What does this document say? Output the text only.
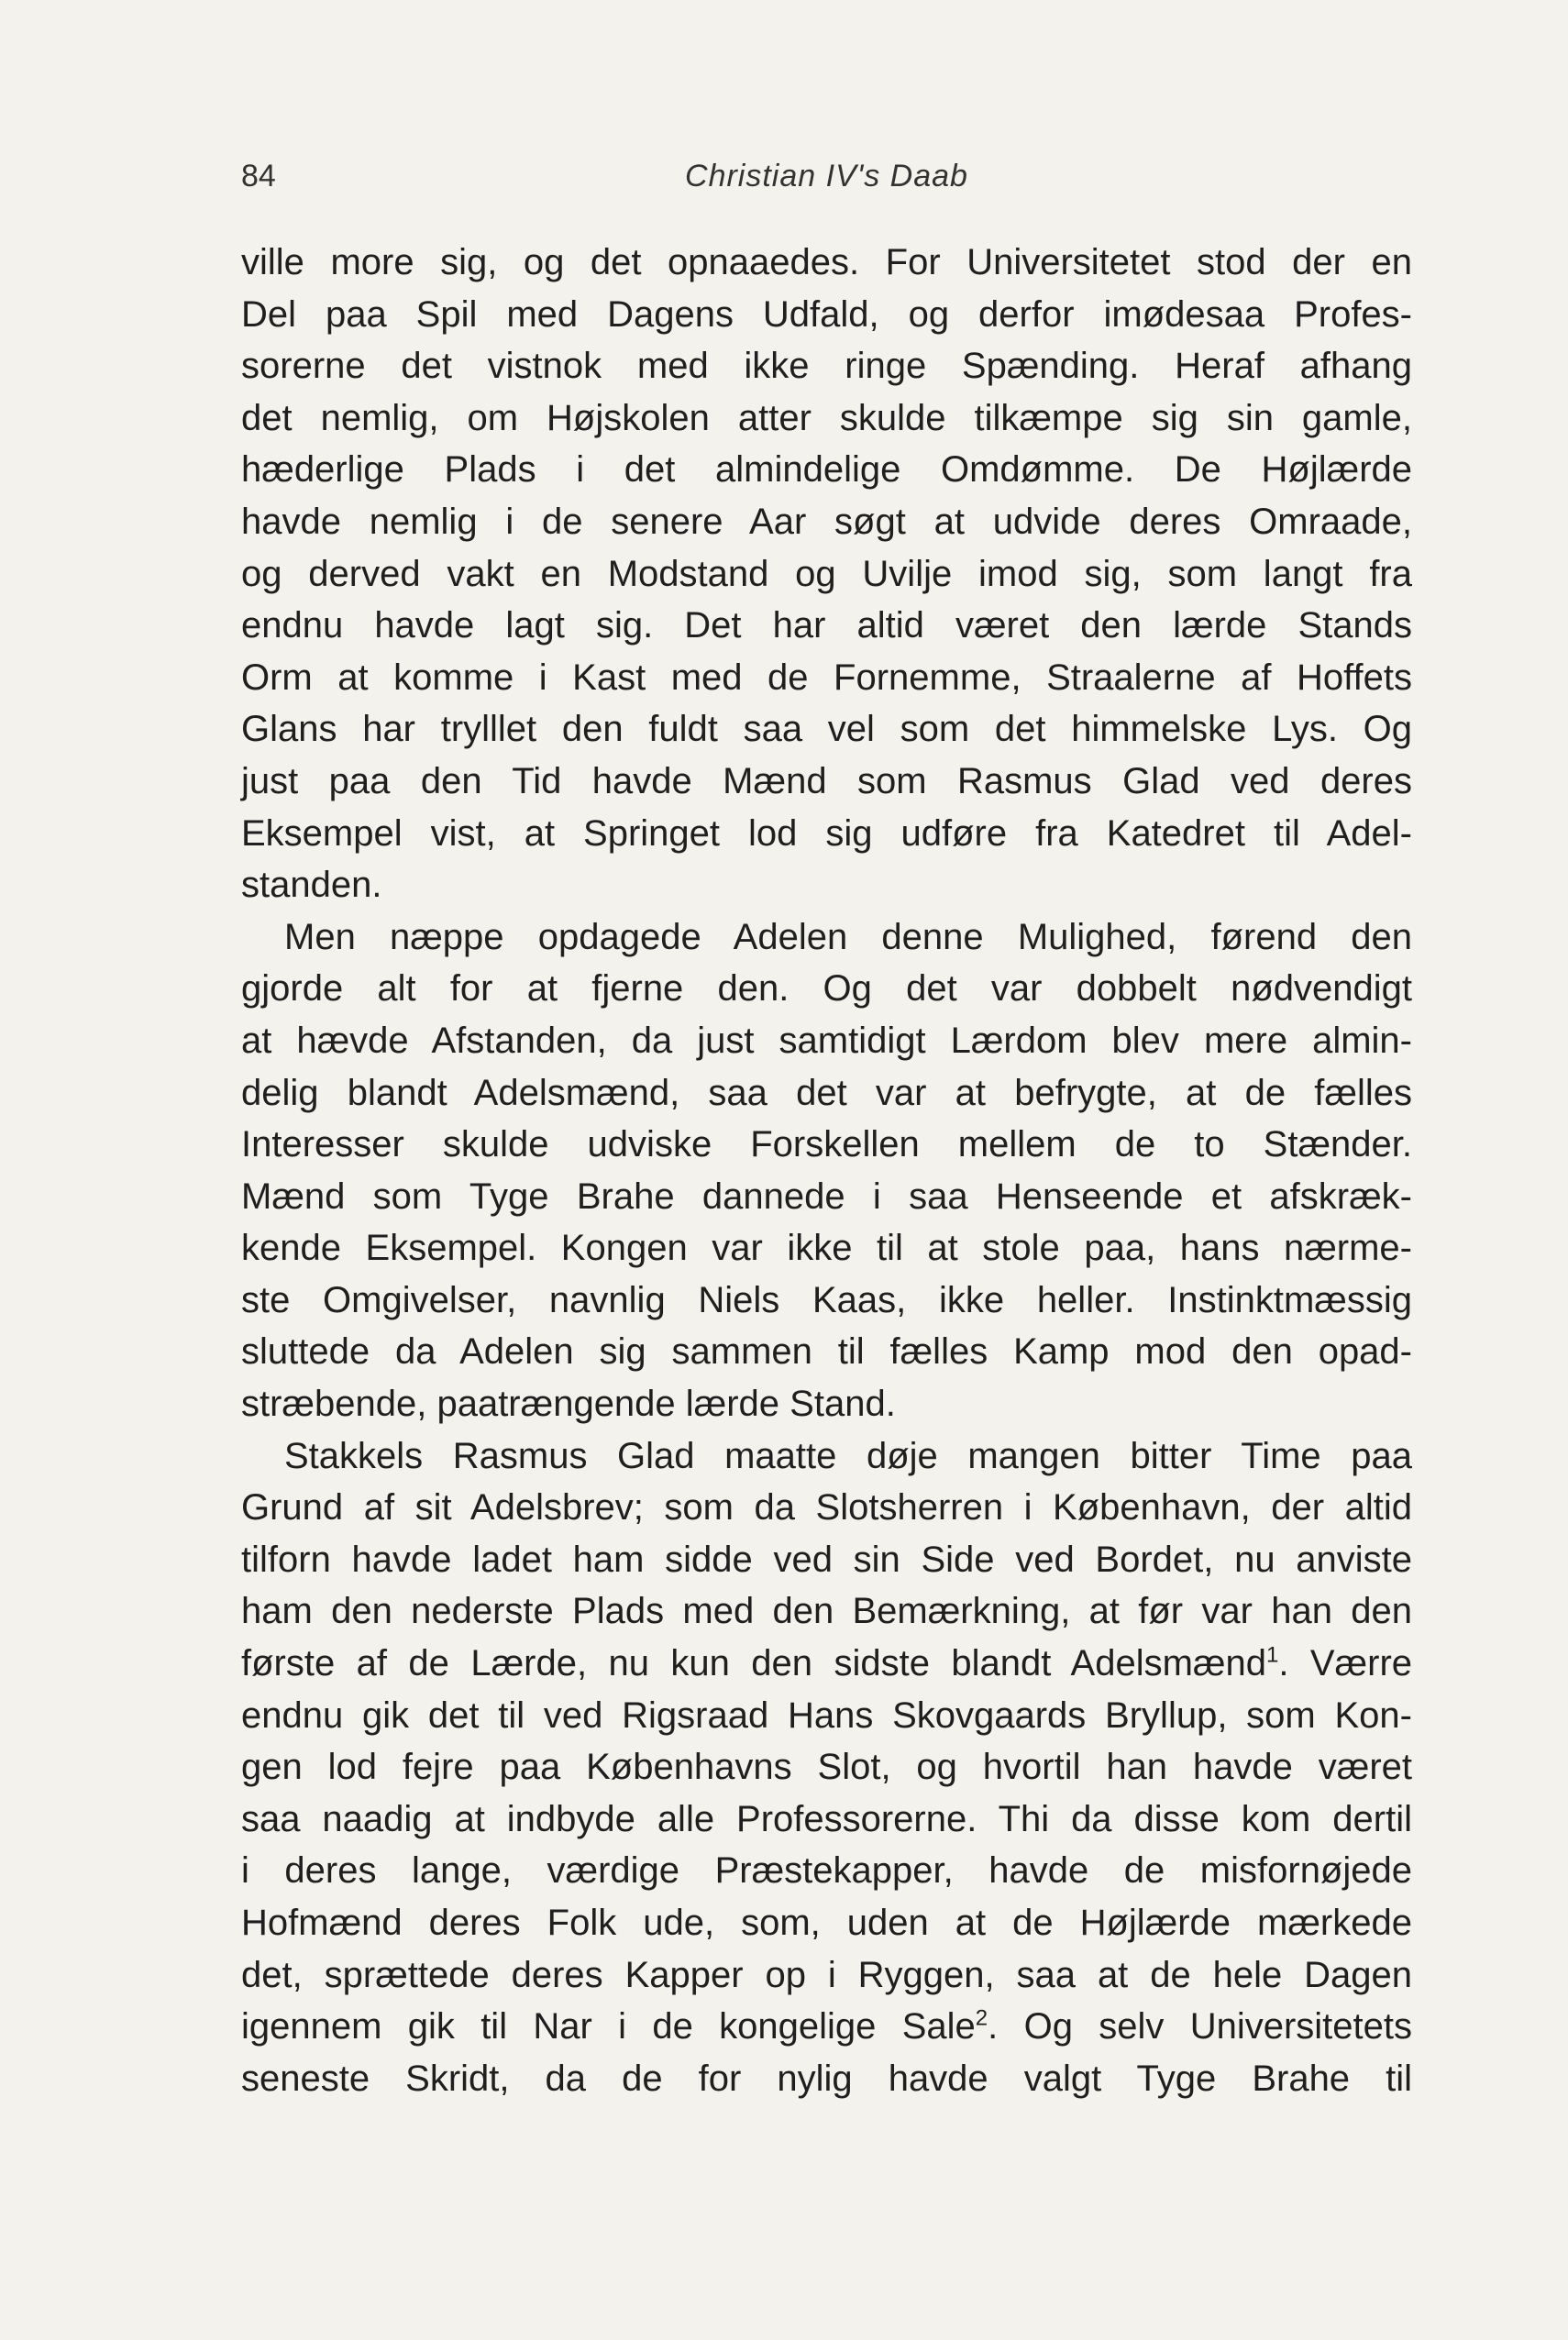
84	Christian IV's Daab
ville more sig, og det opnaaedes. For Universitetet stod der en
Del paa Spil med Dagens Udfald, og derfor imødesaa Profes-
sorerne det vistnok med ikke ringe Spænding. Heraf afhang
det nemlig, om Højskolen atter skulde tilkæmpe sig sin gamle,
hæderlige Plads i det almindelige Omdømme. De Højlærde
havde nemlig i de senere Aar søgt at udvide deres Omraade,
og derved vakt en Modstand og Uvilje imod sig, som langt fra
endnu havde lagt sig. Det har altid været den lærde Stands
Orm at komme i Kast med de Fornemme, Straalerne af Hoffets
Glans har trylllet den fuldt saa vel som det himmelske Lys. Og
just paa den Tid havde Mænd som Rasmus Glad ved deres
Eksempel vist, at Springet lod sig udføre fra Katedret til Adel-
standen.
Men næppe opdagede Adelen denne Mulighed, førend den
gjorde alt for at fjerne den. Og det var dobbelt nødvendigt
at hævde Afstanden, da just samtidigt Lærdom blev mere almin-
delig blandt Adelsmænd, saa det var at befrygte, at de fælles
Interesser skulde udviske Forskellen mellem de to Stænder.
Mænd som Tyge Brahe dannede i saa Henseende et afskræk-
kende Eksempel. Kongen var ikke til at stole paa, hans nærme-
ste Omgivelser, navnlig Niels Kaas, ikke heller. Instinktmæssig
sluttede da Adelen sig sammen til fælles Kamp mod den opad-
stræbende, paatrængende lærde Stand.
Stakkels Rasmus Glad maatte døje mangen bitter Time paa
Grund af sit Adelsbrev; som da Slotsherren i København, der altid
tilforn havde ladet ham sidde ved sin Side ved Bordet, nu anviste
ham den nederste Plads med den Bemærkning, at før var han den
første af de Lærde, nu kun den sidste blandt Adelsmænd$^1$. Værre
endnu gik det til ved Rigsraad Hans Skovgaards Bryllup, som Kon-
gen lod fejre paa Københavns Slot, og hvortil han havde været
saa naadig at indbyde alle Professorerne. Thi da disse kom dertil
i deres lange, værdige Præstekapper, havde de misfornøjede
Hofmænd deres Folk ude, som, uden at de Højlærde mærkede
det, sprættede deres Kapper op i Ryggen, saa at de hele Dagen
igennem gik til Nar i de kongelige Sale$^2$. Og selv Universitetets
seneste Skridt, da de for nylig havde valgt Tyge Brahe til
